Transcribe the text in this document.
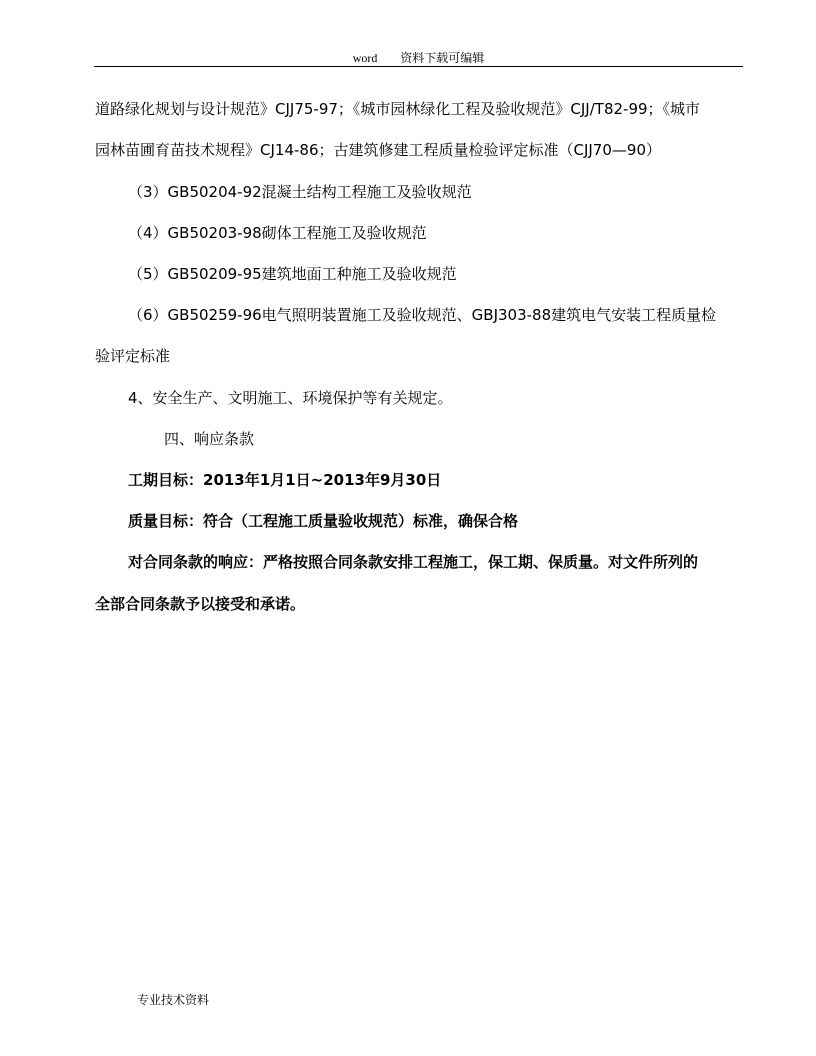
word 资料下载可编辑
道路绿化规划与设计规范》CJJ75-97；《城市园林绿化工程及验收规范》CJJ/T82-99；《城市
园林苗圃育苗技术规程》CJ14-86；古建筑修建工程质量检验评定标准（CJJ70—90）
（3）GB50204-92混凝土结构工程施工及验收规范
（4）GB50203-98砌体工程施工及验收规范
（5）GB50209-95建筑地面工种施工及验收规范
（6）GB50259-96电气照明装置施工及验收规范、GBJ303-88建筑电气安装工程质量检
验评定标准
4、安全生产、文明施工、环境保护等有关规定。
四、响应条款
工期目标：2013年1月1日~2013年9月30日
质量目标：符合（工程施工质量验收规范）标准，确保合格
对合同条款的响应：严格按照合同条款安排工程施工，保工期、保质量。对文件所列的
全部合同条款予以接受和承诺。
专业技术资料
